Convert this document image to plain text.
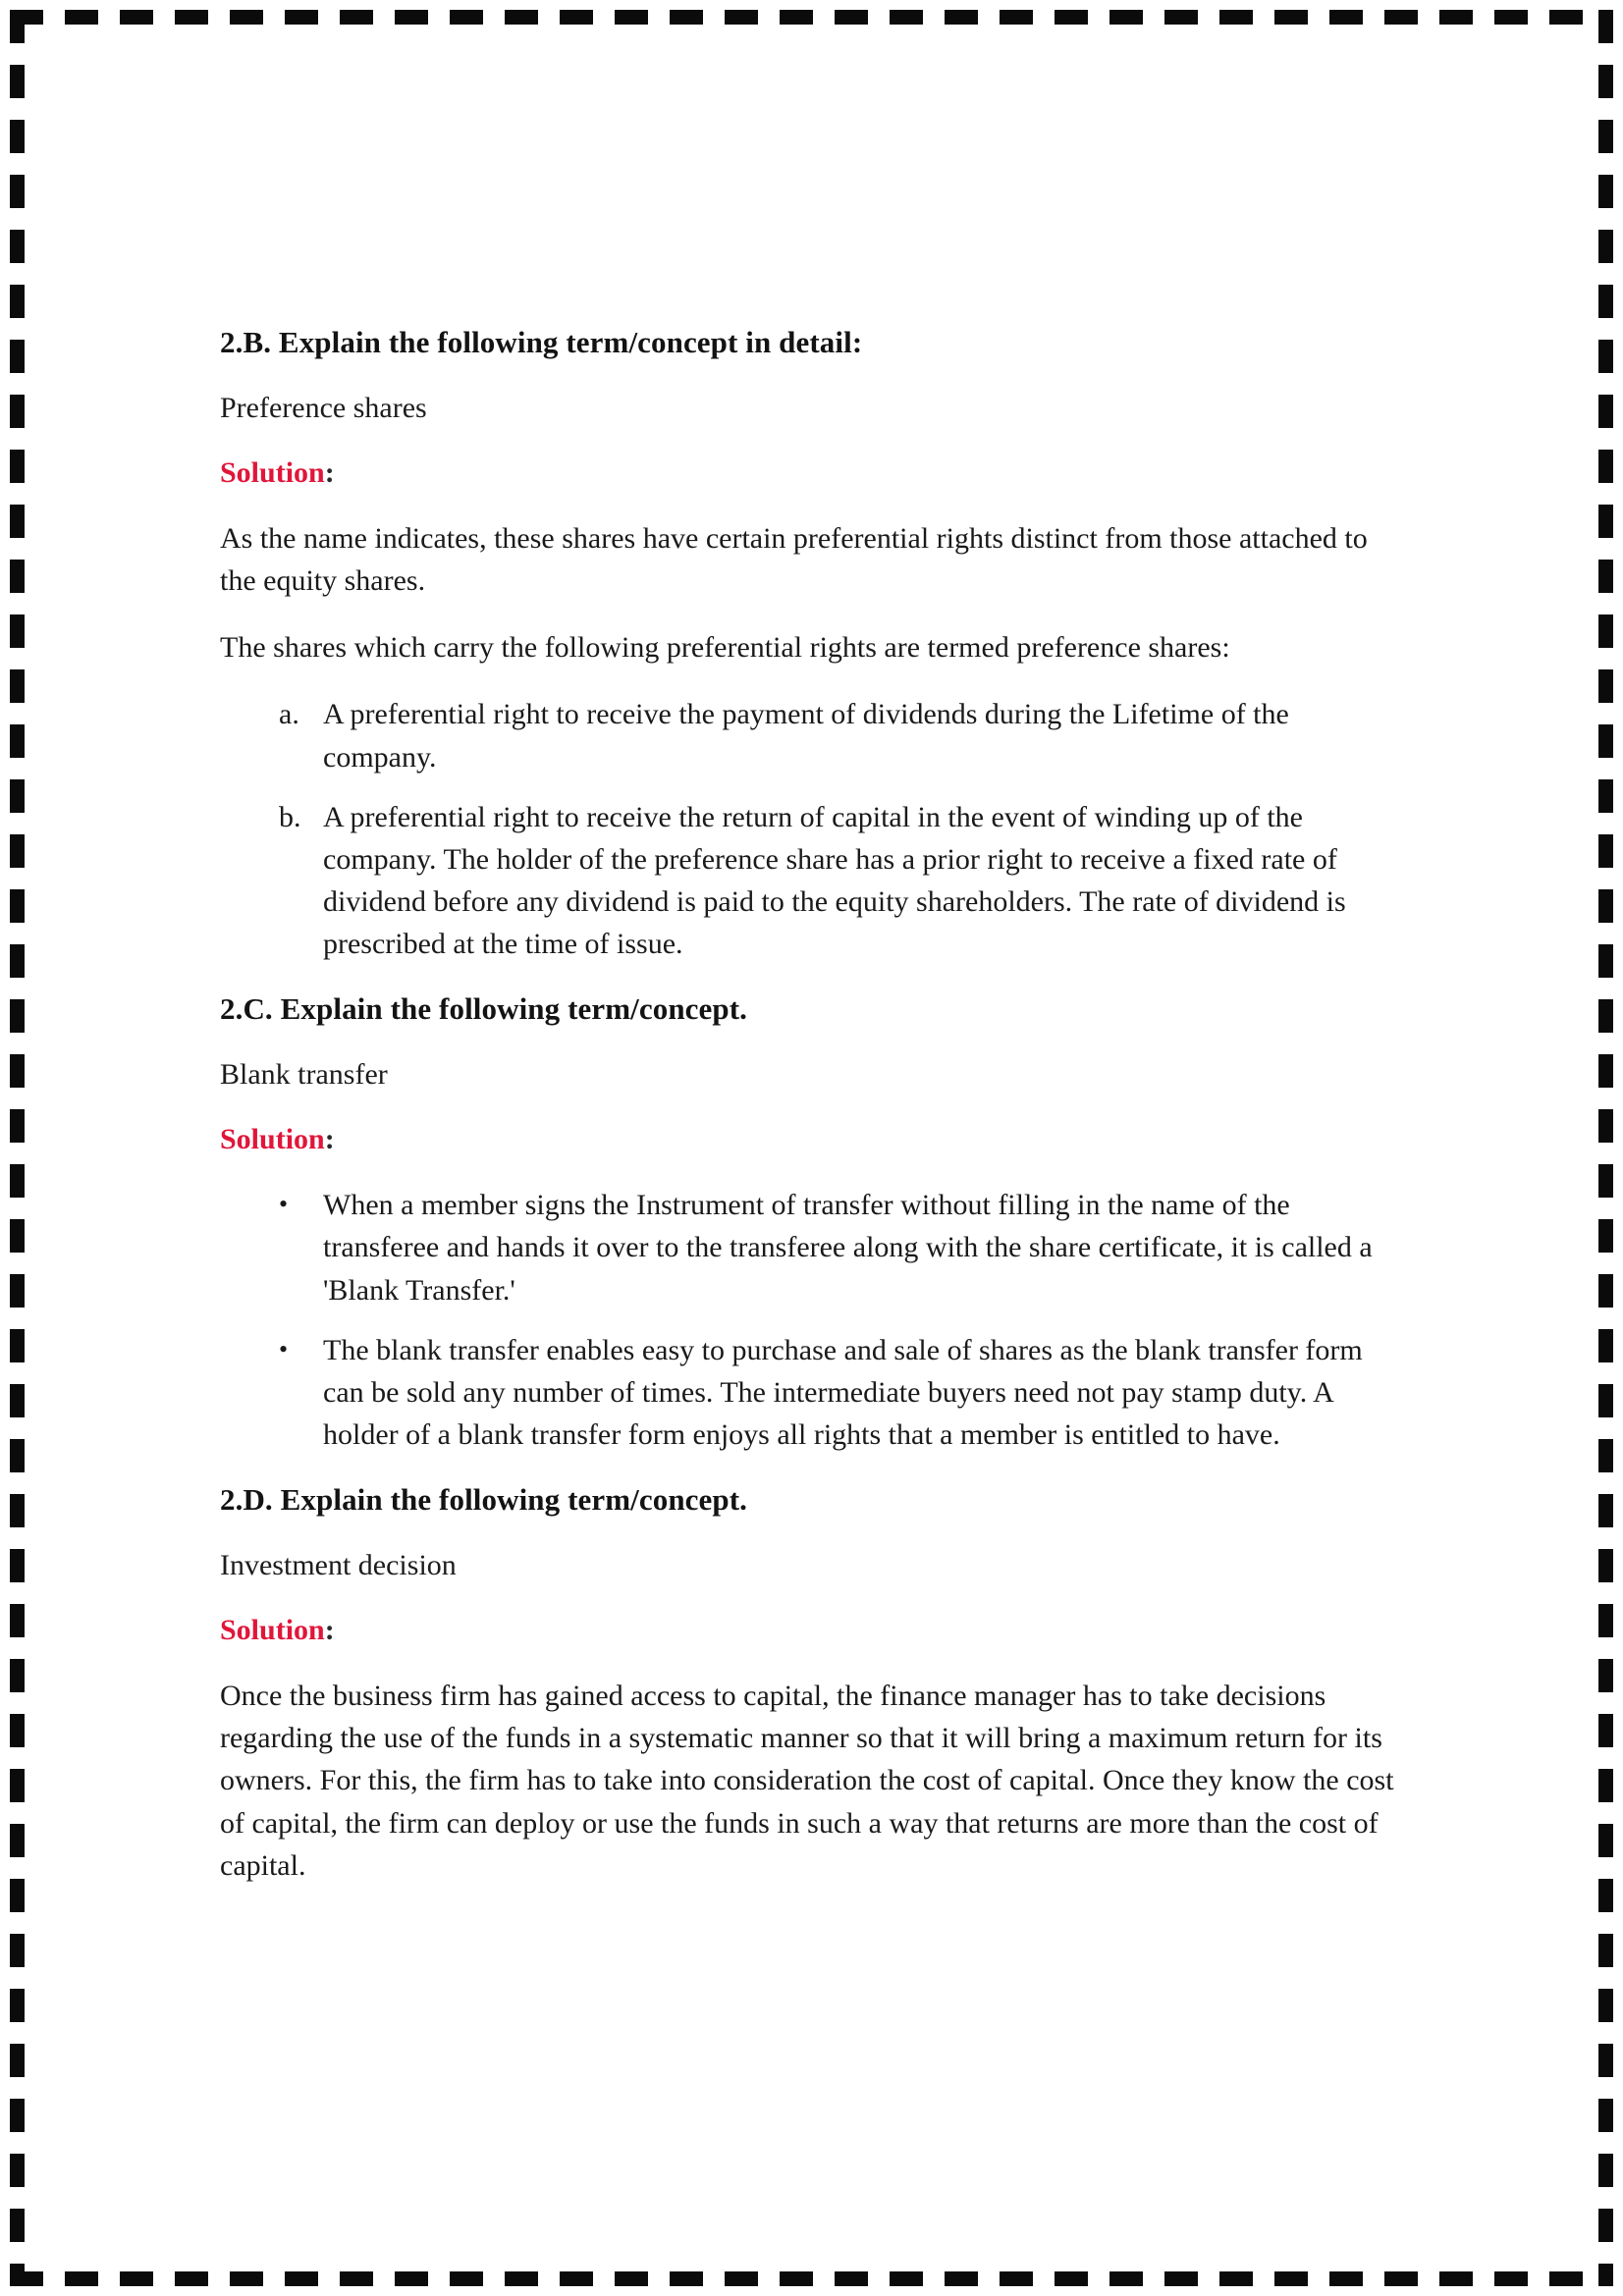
2.B. Explain the following term/concept in detail:

Preference shares

Solution:

As the name indicates, these shares have certain preferential rights distinct from those attached to the equity shares.

The shares which carry the following preferential rights are termed preference shares:

a. A preferential right to receive the payment of dividends during the Lifetime of the company.
b. A preferential right to receive the return of capital in the event of winding up of the company. The holder of the preference share has a prior right to receive a fixed rate of dividend before any dividend is paid to the equity shareholders. The rate of dividend is prescribed at the time of issue.
2.C. Explain the following term/concept.

Blank transfer

Solution:

•	When a member signs the Instrument of transfer without filling in the name of the transferee and hands it over to the transferee along with the share certificate, it is called a 'Blank Transfer.'
•	The blank transfer enables easy to purchase and sale of shares as the blank transfer form can be sold any number of times. The intermediate buyers need not pay stamp duty. A holder of a blank transfer form enjoys all rights that a member is entitled to have.
2.D. Explain the following term/concept.

Investment decision

Solution:

Once the business firm has gained access to capital, the finance manager has to take decisions regarding the use of the funds in a systematic manner so that it will bring a maximum return for its owners. For this, the firm has to take into consideration the cost of capital. Once they know the cost of capital, the firm can deploy or use the funds in such a way that returns are more than the cost of capital.
